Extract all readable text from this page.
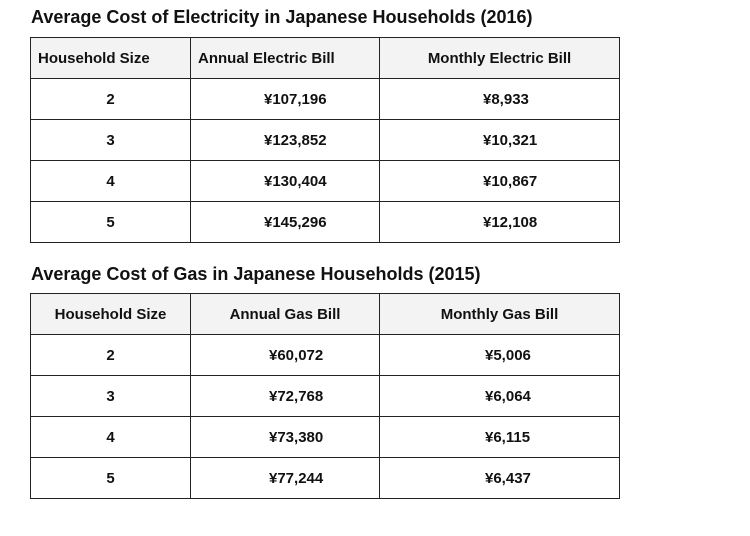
Average Cost of Electricity in Japanese Households (2016)
Household Size	Annual Electric Bill	Monthly Electric Bill
2	¥107,196	¥8,933
3	¥123,852	¥10,321
4	¥130,404	¥10,867
5	¥145,296	¥12,108
Average Cost of Gas in Japanese Households (2015)
Household Size	Annual Gas Bill	Monthly Gas Bill
2	¥60,072	¥5,006
3	¥72,768	¥6,064
4	¥73,380	¥6,115
5	¥77,244	¥6,437
